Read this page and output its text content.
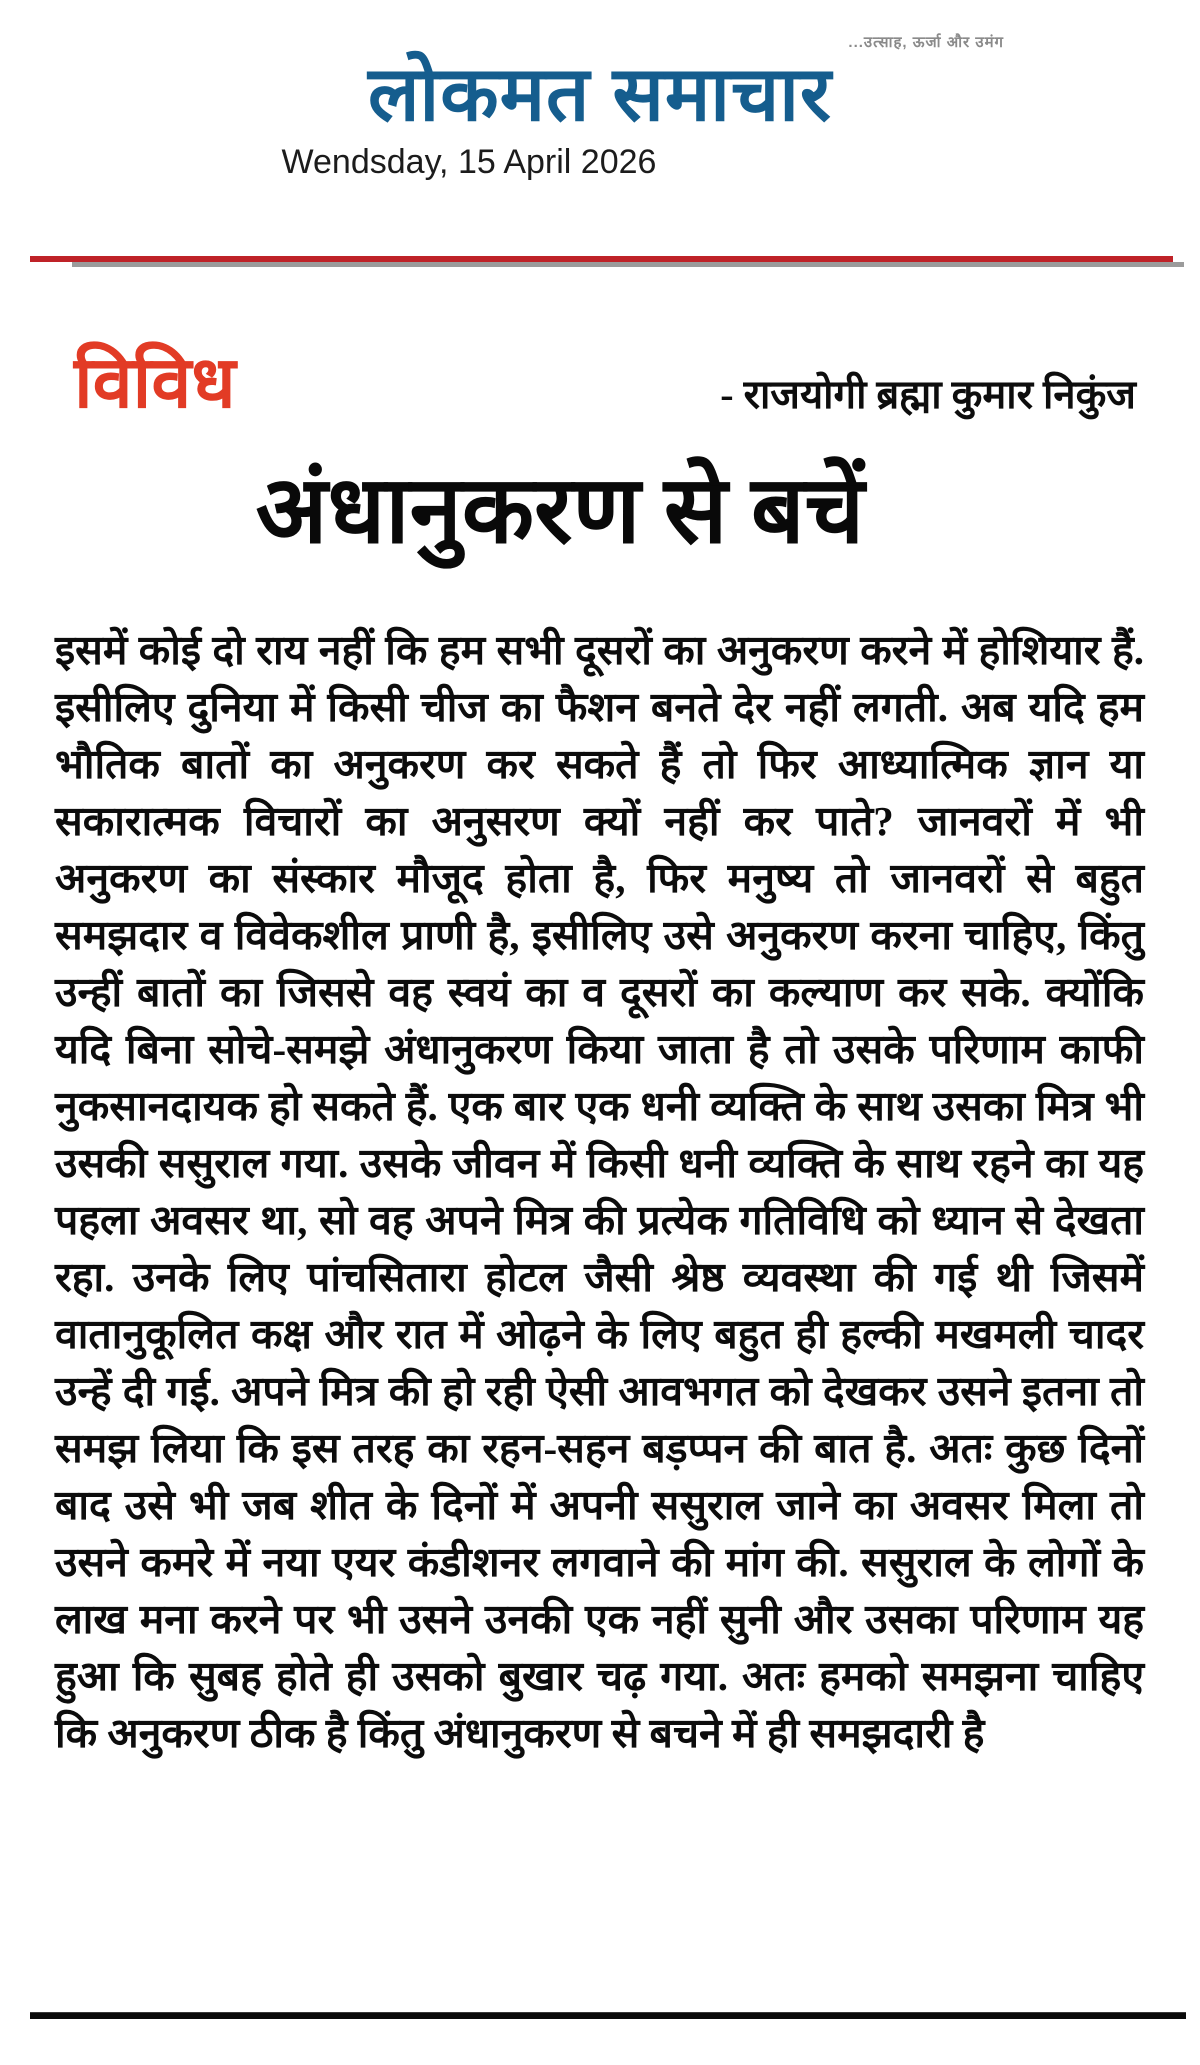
...उत्साह, ऊर्जा और उमंग
लोकमत समाचार
Wendsday, 15 April 2026
विविध	- राजयोगी ब्रह्मा कुमार निकुंज
अंधानुकरण से बचें

इसमें कोई दो राय नहीं कि हम सभी दूसरों का अनुकरण करने में होशियार हैं. इसीलिए दुनिया में किसी चीज का फैशन बनते देर नहीं लगती. अब यदि हम भौतिक बातों का अनुकरण कर सकते हैं तो फिर आध्यात्मिक ज्ञान या सकारात्मक विचारों का अनुसरण क्यों नहीं कर पाते? जानवरों में भी अनुकरण का संस्कार मौजूद होता है, फिर मनुष्य तो जानवरों से बहुत समझदार व विवेकशील प्राणी है, इसीलिए उसे अनुकरण करना चाहिए, किंतु उन्हीं बातों का जिससे वह स्वयं का व दूसरों का कल्याण कर सके. क्योंकि यदि बिना सोचे-समझे अंधानुकरण किया जाता है तो उसके परिणाम काफी नुकसानदायक हो सकते हैं. एक बार एक धनी व्यक्ति के साथ उसका मित्र भी उसकी ससुराल गया. उसके जीवन में किसी धनी व्यक्ति के साथ रहने का यह पहला अवसर था, सो वह अपने मित्र की प्रत्येक गतिविधि को ध्यान से देखता रहा. उनके लिए पांचसितारा होटल जैसी श्रेष्ठ व्यवस्था की गई थी जिसमें वातानुकूलित कक्ष और रात में ओढ़ने के लिए बहुत ही हल्की मखमली चादर उन्हें दी गई. अपने मित्र की हो रही ऐसी आवभगत को देखकर उसने इतना तो समझ लिया कि इस तरह का रहन-सहन बड़प्पन की बात है. अतः कुछ दिनों बाद उसे भी जब शीत के दिनों में अपनी ससुराल जाने का अवसर मिला तो उसने कमरे में नया एयर कंडीशनर लगवाने की मांग की. ससुराल के लोगों के लाख मना करने पर भी उसने उनकी एक नहीं सुनी और उसका परिणाम यह हुआ कि सुबह होते ही उसको बुखार चढ़ गया. अतः हमको समझना चाहिए कि अनुकरण ठीक है किंतु अंधानुकरण से बचने में ही समझदारी है
